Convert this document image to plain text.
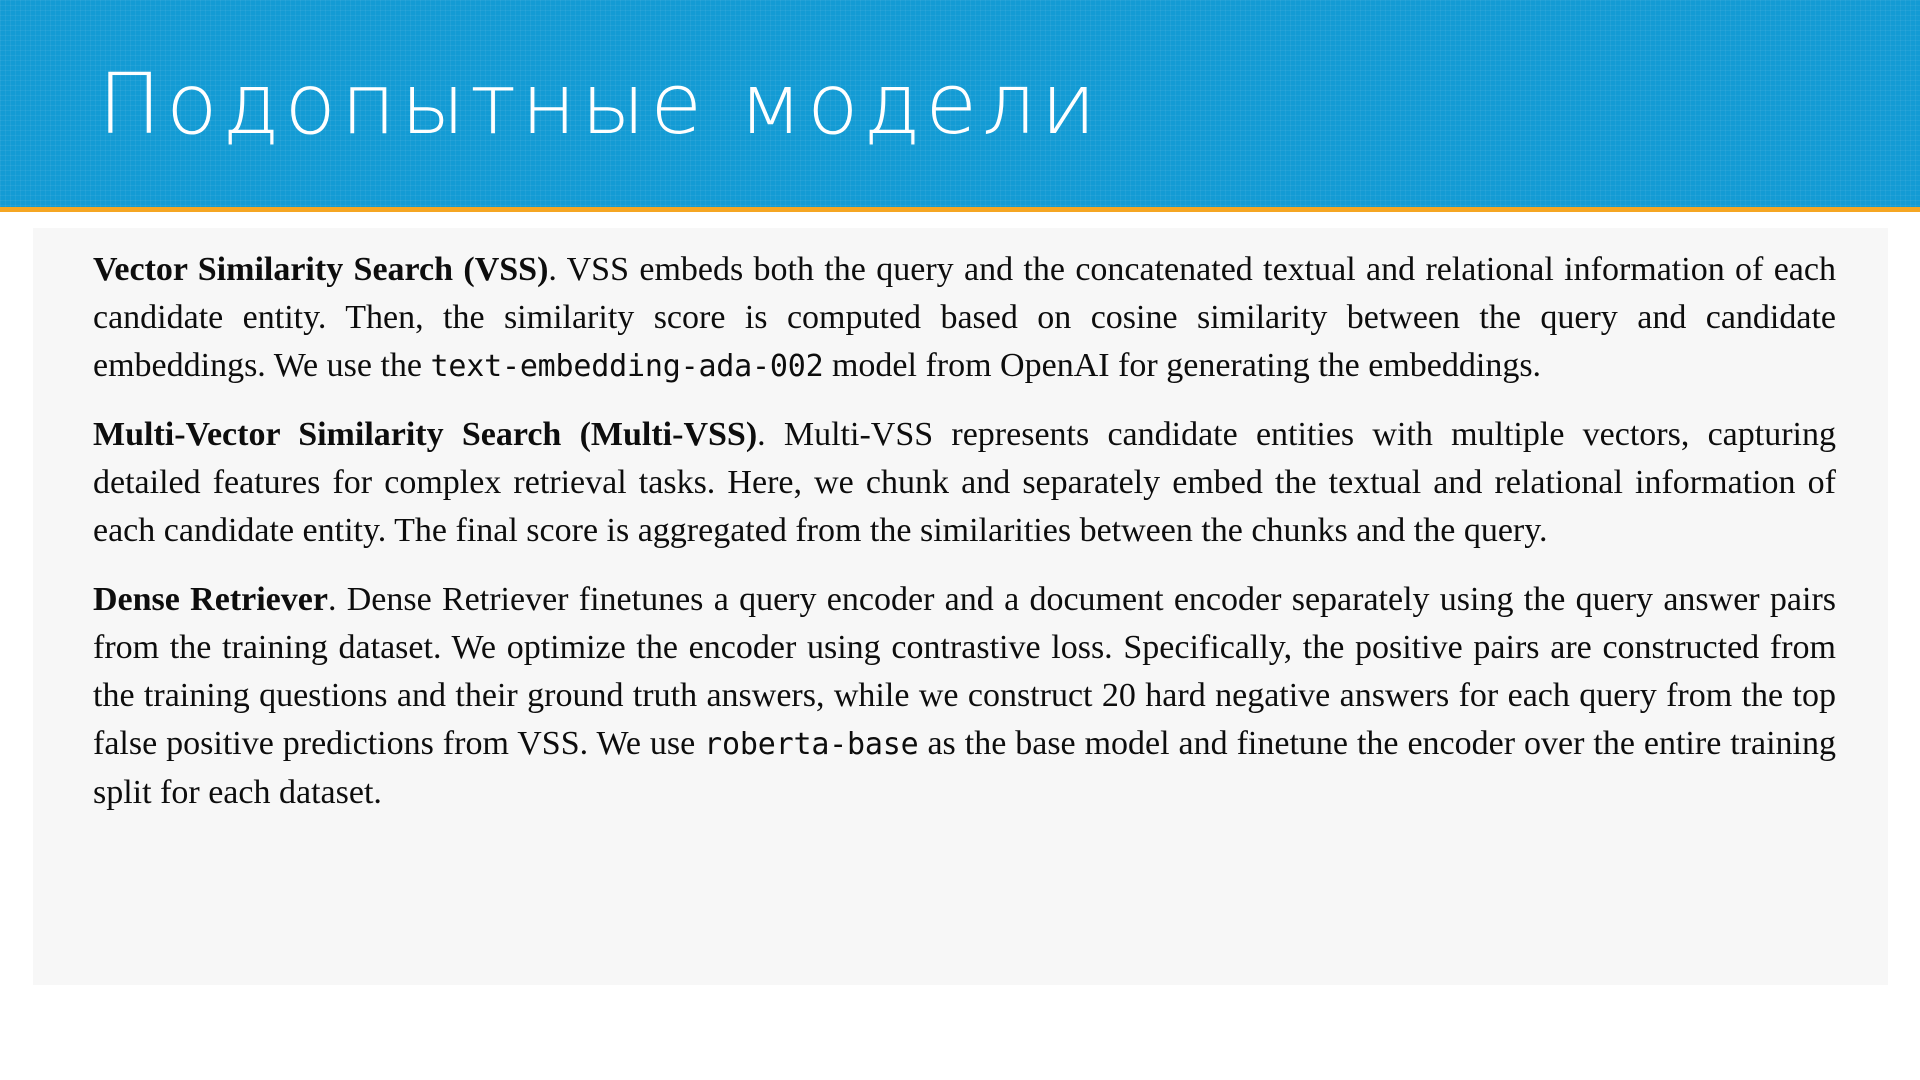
Подопытные модели

Vector Similarity Search (VSS). VSS embeds both the query and the concatenated textual and relational information of each candidate entity. Then, the similarity score is computed based on cosine similarity between the query and candidate embeddings. We use the text-embedding-ada-002 model from OpenAI for generating the embeddings.

Multi-Vector Similarity Search (Multi-VSS). Multi-VSS represents candidate entities with multiple vectors, capturing detailed features for complex retrieval tasks. Here, we chunk and separately embed the textual and relational information of each candidate entity. The final score is aggregated from the similarities between the chunks and the query.

Dense Retriever. Dense Retriever finetunes a query encoder and a document encoder separately using the query answer pairs from the training dataset. We optimize the encoder using contrastive loss. Specifically, the positive pairs are constructed from the training questions and their ground truth answers, while we construct 20 hard negative answers for each query from the top false positive predictions from VSS. We use roberta-base as the base model and finetune the encoder over the entire training split for each dataset.
